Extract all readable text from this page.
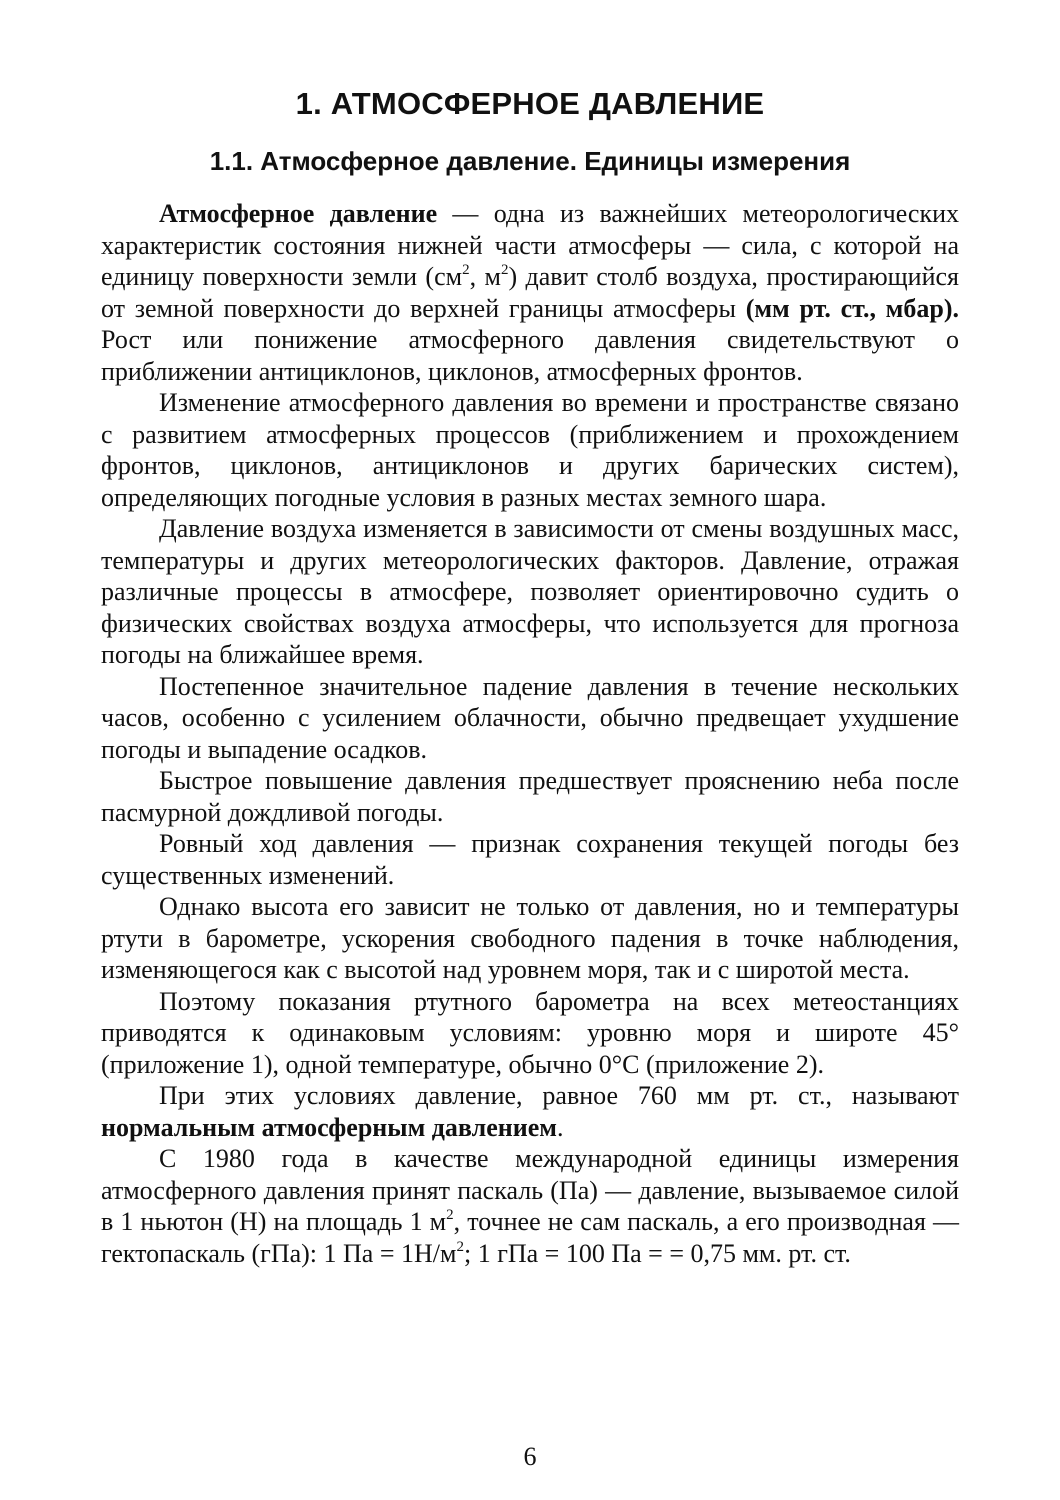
1. АТМОСФЕРНОЕ ДАВЛЕНИЕ
1.1. Атмосферное давление. Единицы измерения

Атмосферное давление — одна из важнейших метеорологических характеристик состояния нижней части атмосферы — сила, с которой на единицу поверхности земли ($см^2$, $м^2$) давит столб воздуха, простирающийся от земной поверхности до верхней границы атмосферы (мм рт. ст., мбар). Рост или понижение атмосферного давления свидетельствуют о приближении антициклонов, циклонов, атмосферных фронтов.

Изменение атмосферного давления во времени и пространстве связано с развитием атмосферных процессов (приближением и прохождением фронтов, циклонов, антициклонов и других барических систем), определяющих погодные условия в разных местах земного шара.

Давление воздуха изменяется в зависимости от смены воздушных масс, температуры и других метеорологических факторов. Давление, отражая различные процессы в атмосфере, позволяет ориентировочно судить о физических свойствах воздуха атмосферы, что используется для прогноза погоды на ближайшее время.

Постепенное значительное падение давления в течение нескольких часов, особенно с усилением облачности, обычно предвещает ухудшение погоды и выпадение осадков.

Быстрое повышение давления предшествует прояснению неба после пасмурной дождливой погоды.

Ровный ход давления — признак сохранения текущей погоды без существенных изменений.

Однако высота его зависит не только от давления, но и температуры ртути в барометре, ускорения свободного падения в точке наблюдения, изменяющегося как с высотой над уровнем моря, так и с широтой места.

Поэтому показания ртутного барометра на всех метеостанциях приводятся к одинаковым условиям: уровню моря и широте 45° (приложение 1), одной температуре, обычно 0°C (приложение 2).

При этих условиях давление, равное 760 мм рт. ст., называют нормальным атмосферным давлением.

С 1980 года в качестве международной единицы измерения атмосферного давления принят паскаль (Па) — давление, вызываемое силой в 1 ньютон (Н) на площадь 1 $м^2$, точнее не сам паскаль, а его производная — гектопаскаль (гПа): 1 Па = $1Н/м^2$; 1 гПа = 100 Па = = 0,75 мм. рт. ст.

6
